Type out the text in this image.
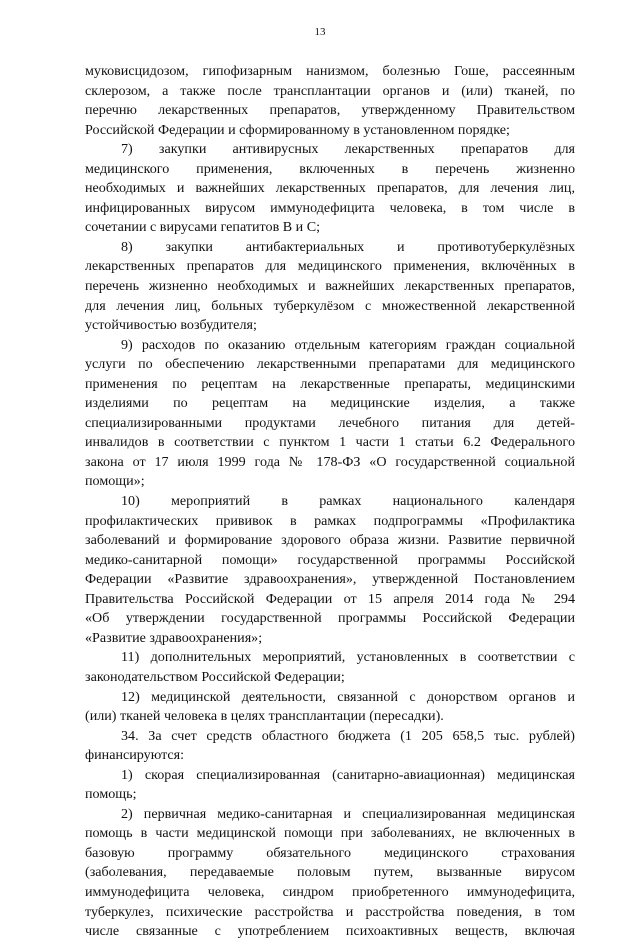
13

муковисцидозом, гипофизарным нанизмом, болезнью Гоше, рассеянным

склерозом, а также после трансплантации органов и (или) тканей, по

перечню лекарственных препаратов, утвержденному Правительством

Российской Федерации и сформированному в установленном порядке;

7) закупки антивирусных лекарственных препаратов для

медицинского применения, включенных в перечень жизненно

необходимых и важнейших лекарственных препаратов, для лечения лиц,

инфицированных вирусом иммунодефицита человека, в том числе в

сочетании с вирусами гепатитов B и C;

8) закупки антибактериальных и противотуберкулёзных

лекарственных препаратов для медицинского применения, включённых в

перечень жизненно необходимых и важнейших лекарственных препаратов,

для лечения лиц, больных туберкулёзом с множественной лекарственной

устойчивостью возбудителя;

9) расходов по оказанию отдельным категориям граждан социальной

услуги по обеспечению лекарственными препаратами для медицинского

применения по рецептам на лекарственные препараты, медицинскими

изделиями по рецептам на медицинские изделия, а также

специализированными продуктами лечебного питания для детей-

инвалидов в соответствии с пунктом 1 части 1 статьи 6.2 Федерального

закона от 17 июля 1999 года № 178-ФЗ «О государственной социальной

помощи»;

10) мероприятий в рамках национального календаря

профилактических прививок в рамках подпрограммы «Профилактика

заболеваний и формирование здорового образа жизни. Развитие первичной

медико-санитарной помощи» государственной программы Российской

Федерации «Развитие здравоохранения», утвержденной Постановлением

Правительства Российской Федерации от 15 апреля 2014 года № 294

«Об утверждении государственной программы Российской Федерации

«Развитие здравоохранения»;

11) дополнительных мероприятий, установленных в соответствии с

законодательством Российской Федерации;

12) медицинской деятельности, связанной с донорством органов и

(или) тканей человека в целях трансплантации (пересадки).

34. За счет средств областного бюджета (1 205 658,5 тыс. рублей)

финансируются:

1) скорая специализированная (санитарно-авиационная) медицинская

помощь;

2) первичная медико-санитарная и специализированная медицинская

помощь в части медицинской помощи при заболеваниях, не включенных в

базовую программу обязательного медицинского страхования

(заболевания, передаваемые половым путем, вызванные вирусом

иммунодефицита человека, синдром приобретенного иммунодефицита,

туберкулез, психические расстройства и расстройства поведения, в том

числе связанные с употреблением психоактивных веществ, включая
